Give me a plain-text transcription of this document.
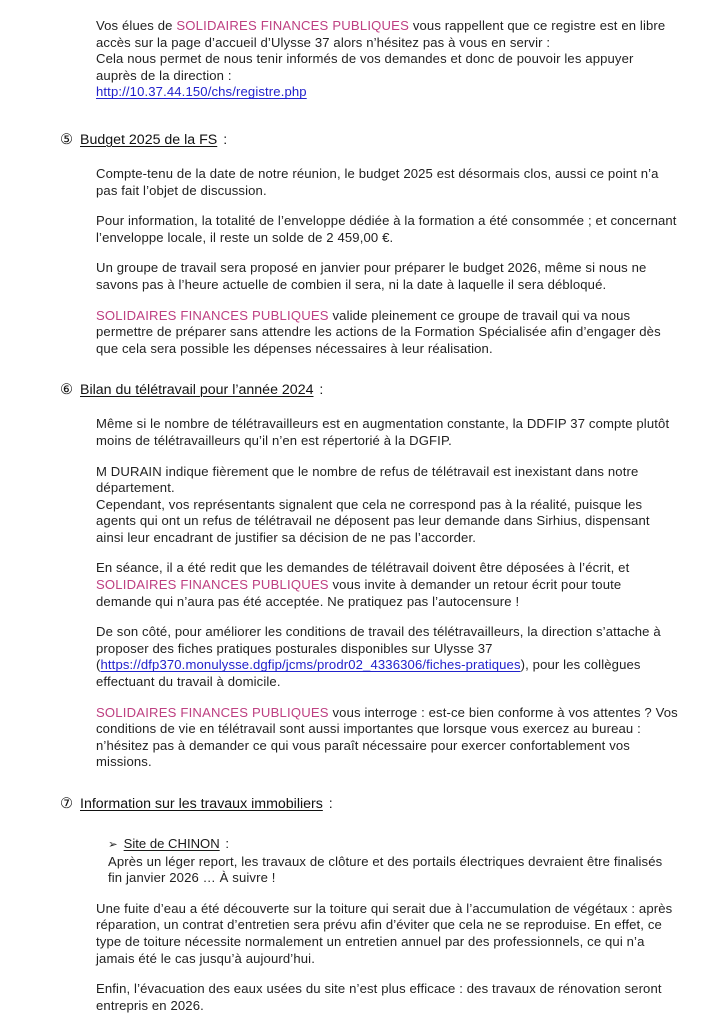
Vos élues de SOLIDAIRES FINANCES PUBLIQUES vous rappellent que ce registre est en libre accès sur la page d’accueil d’Ulysse 37 alors n’hésitez pas à vous en servir :

Cela nous permet de nous tenir informés de vos demandes et donc de pouvoir les appuyer auprès de la direction :

http://10.37.44.150/chs/registre.php

⑤ Budget 2025 de la FS :

Compte-tenu de la date de notre réunion, le budget 2025 est désormais clos, aussi ce point n’a pas fait l’objet de discussion.

Pour information, la totalité de l’enveloppe dédiée à la formation a été consommée ; et concernant l’enveloppe locale, il reste un solde de 2 459,00 €.

Un groupe de travail sera proposé en janvier pour préparer le budget 2026, même si nous ne savons pas à l’heure actuelle de combien il sera, ni la date à laquelle il sera débloqué.

SOLIDAIRES FINANCES PUBLIQUES valide pleinement ce groupe de travail qui va nous permettre de préparer sans attendre les actions de la Formation Spécialisée afin d’engager dès que cela sera possible les dépenses nécessaires à leur réalisation.

⑥ Bilan du télétravail pour l’année 2024 :

Même si le nombre de télétravailleurs est en augmentation constante, la DDFIP 37 compte plutôt moins de télétravailleurs qu’il n’en est répertorié à la DGFIP.

M DURAIN indique fièrement que le nombre de refus de télétravail est inexistant dans notre département.

Cependant, vos représentants signalent que cela ne correspond pas à la réalité, puisque les agents qui ont un refus de télétravail ne déposent pas leur demande dans Sirhius, dispensant ainsi leur encadrant de justifier sa décision de ne pas l’accorder.

En séance, il a été redit que les demandes de télétravail doivent être déposées à l’écrit, et SOLIDAIRES FINANCES PUBLIQUES vous invite à demander un retour écrit pour toute demande qui n’aura pas été acceptée. Ne pratiquez pas l’autocensure !

De son côté, pour améliorer les conditions de travail des télétravailleurs, la direction s’attache à proposer des fiches pratiques posturales disponibles sur Ulysse 37
(https://dfp370.monulysse.dgfip/jcms/prodr02_4336306/fiches-pratiques), pour les collègues effectuant du travail à domicile.

SOLIDAIRES FINANCES PUBLIQUES vous interroge : est-ce bien conforme à vos attentes ? Vos conditions de vie en télétravail sont aussi importantes que lorsque vous exercez au bureau : n’hésitez pas à demander ce qui vous paraît nécessaire pour exercer confortablement vos missions.

⑦ Information sur les travaux immobiliers :
➢ Site de CHINON :

Après un léger report, les travaux de clôture et des portails électriques devraient être finalisés fin janvier 2026 … À suivre !

Une fuite d’eau a été découverte sur la toiture qui serait due à l’accumulation de végétaux : après réparation, un contrat d’entretien sera prévu afin d’éviter que cela ne se reproduise. En effet, ce type de toiture nécessite normalement un entretien annuel par des professionnels, ce qui n’a jamais été le cas jusqu’à aujourd’hui.

Enfin, l’évacuation des eaux usées du site n’est plus efficace : des travaux de rénovation seront entrepris en 2026.
